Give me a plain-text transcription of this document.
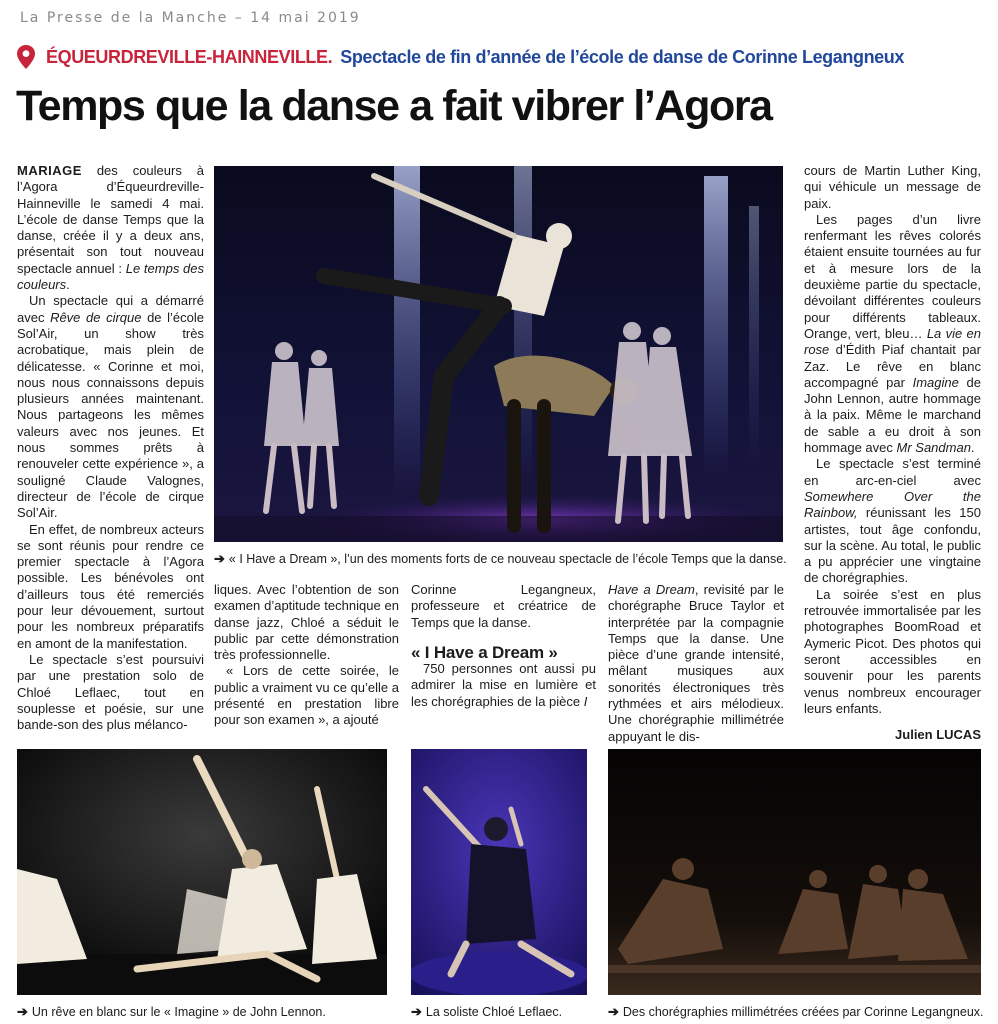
La Presse de la Manche – 14 mai 2019
ÉQUEURDREVILLE-HAINNEVILLE . Spectacle de fin d’année de l’école de danse de Corinne Legangneux
Temps que la danse a fait vibrer l’Agora

MARIAGE des couleurs à l’Agora d’Équeurdreville-Hainneville le samedi 4 mai. L’école de danse Temps que la danse, créée il y a deux ans, présentait son tout nouveau spectacle annuel : Le temps des couleurs.

Un spectacle qui a démarré avec Rêve de cirque de l’école Sol’Air, un show très acrobatique, mais plein de délicatesse. « Corinne et moi, nous nous connaissons depuis plusieurs années maintenant. Nous partageons les mêmes valeurs avec nos jeunes. Et nous sommes prêts à renouveler cette expérience », a souligné Claude Valognes, directeur de l’école de cirque Sol’Air.

En effet, de nombreux acteurs se sont réunis pour rendre ce premier spectacle à l’Agora possible. Les bénévoles ont d’ailleurs tous été remerciés pour leur dévouement, surtout pour les nombreux préparatifs en amont de la manifestation.

Le spectacle s’est poursuivi par une prestation solo de Chloé Leflaec, tout en souplesse et poésie, sur une bande-son des plus mélanco-

➔ « I Have a Dream », l’un des moments forts de ce nouveau spectacle de l’école Temps que la danse.

liques. Avec l’obtention de son examen d’aptitude technique en danse jazz, Chloé a séduit le public par cette démonstration très professionnelle.

« Lors de cette soirée, le public a vraiment vu ce qu’elle a présenté en prestation libre pour son examen », a ajouté

Corinne Legangneux, professeure et créatrice de Temps que la danse.

« I Have a Dream »

750 personnes ont aussi pu admirer la mise en lumière et les chorégraphies de la pièce I

Have a Dream, revisité par le chorégraphe Bruce Taylor et interprétée par la compagnie Temps que la danse. Une pièce d’une grande intensité, mêlant musiques aux sonorités électroniques très rythmées et airs mélodieux. Une chorégraphie millimétrée appuyant le dis-

cours de Martin Luther King, qui véhicule un message de paix.

Les pages d’un livre renfermant les rêves colorés étaient ensuite tournées au fur et à mesure lors de la deuxième partie du spectacle, dévoilant différentes couleurs pour différents tableaux. Orange, vert, bleu… La vie en rose d’Édith Piaf chantait par Zaz. Le rêve en blanc accompagné par Imagine de John Lennon, autre hommage à la paix. Même le marchand de sable a eu droit à son hommage avec Mr Sandman.

Le spectacle s’est terminé en arc-en-ciel avec Somewhere Over the Rainbow, réunissant les 150 artistes, tout âge confondu, sur la scène. Au total, le public a pu apprécier une vingtaine de chorégraphies.

La soirée s’est en plus retrouvée immortalisée par les photographes BoomRoad et Aymeric Picot. Des photos qui seront accessibles en souvenir pour les parents venus nombreux encourager leurs enfants.

Julien LUCAS

➔ Un rêve en blanc sur le « Imagine » de John Lennon.	➔ La soliste Chloé Leflaec.	➔ Des chorégraphies millimétrées créées par Corinne Legangneux.
